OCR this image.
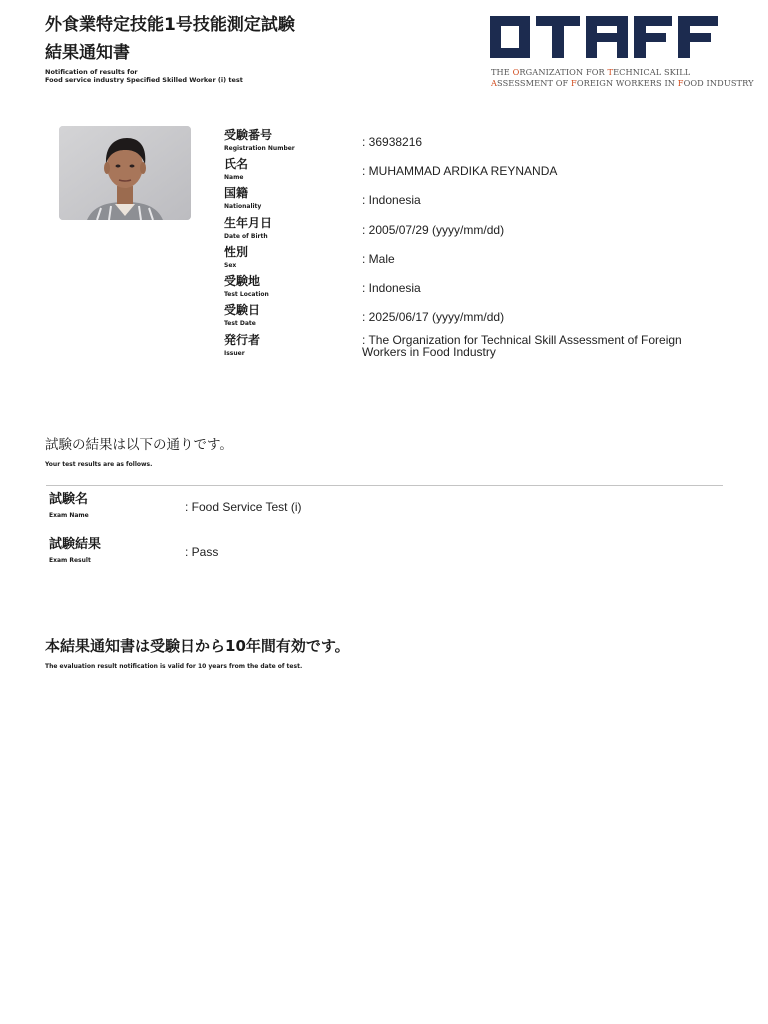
外食業特定技能1号技能測定試験
結果通知書
Notification of results for
Food service industry Specified Skilled Worker (i) test
THE ORGANIZATION FOR TECHNICAL SKILL
ASSESSMENT OF FOREIGN WORKERS IN FOOD INDUSTRY
受験番号
Registration Number	: 36938216
氏名
Name	: MUHAMMAD ARDIKA REYNANDA
国籍
Nationality	: Indonesia
生年月日
Date of Birth	: 2005/07/29 (yyyy/mm/dd)
性別
Sex	: Male
受験地
Test Location	: Indonesia
受験日
Test Date	: 2025/06/17 (yyyy/mm/dd)
発行者
Issuer
: The Organization for Technical Skill Assessment of Foreign Workers in Food Industry
試験の結果は以下の通りです。
Your test results are as follows.
試験名
Exam Name
: Food Service Test (i)
試験結果
Exam Result
: Pass
本結果通知書は受験日から10年間有効です。
The evaluation result notification is valid for 10 years from the date of test.
